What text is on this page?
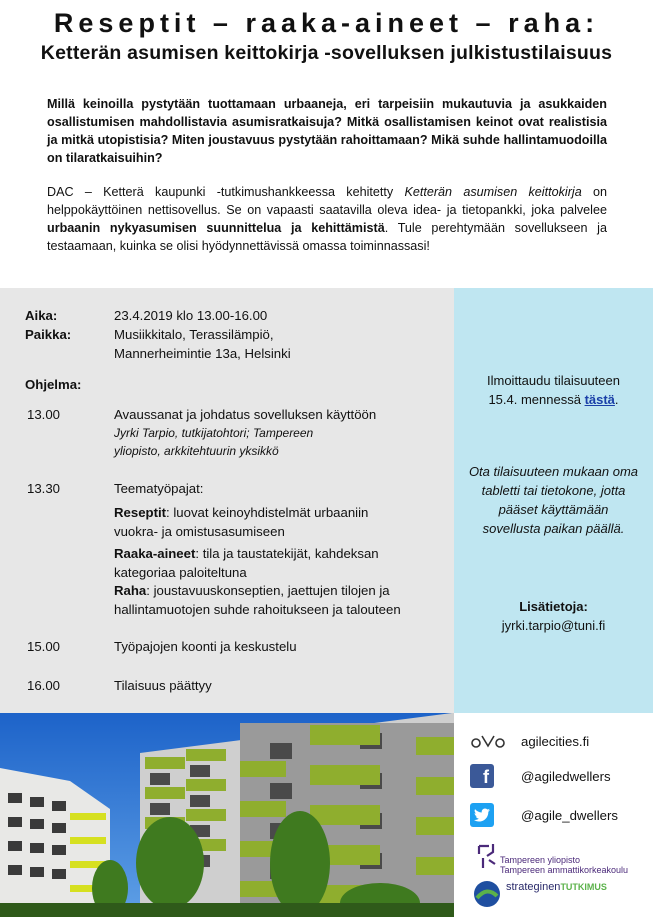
Reseptit – raaka-aineet – raha:
Ketterän asumisen keittokirja -sovelluksen julkistustilaisuus
Millä keinoilla pystytään tuottamaan urbaaneja, eri tarpeisiin mukautuvia ja asukkaiden osallistumisen mahdollistavia asumisratkaisuja? Mitkä osallistamisen keinot ovat realistisia ja mitkä utopistisia? Miten joustavuus pystytään rahoittamaan? Mikä suhde hallintamuodoilla on tilaratkaisuihin?
DAC – Ketterä kaupunki -tutkimushankkeessa kehitetty Ketterän asumisen keittokirja on helppokäyttöinen nettisovellus. Se on vapaasti saatavilla oleva idea- ja tietopankki, joka palvelee urbaanin nykyasumisen suunnittelua ja kehittämistä. Tule perehtymään sovellukseen ja testaamaan, kuinka se olisi hyödynnettävissä omassa toiminnassasi!
Aika:	23.4.2019 klo 13.00-16.00
Paikka:	Musiikkitalo, Terassilämpiö,
Mannerheimintie 13a, Helsinki
Ohjelma:
13.00	Avaussanat ja johdatus sovelluksen käyttöön
Jyrki Tarpio, tutkijatohtori; Tampereen
yliopisto, arkkitehtuurin yksikkö
13.30	Teematyöpajat:
Reseptit: luovat keinoyhdistelmät urbaaniin vuokra- ja omistusasumiseen
Raaka-aineet: tila ja taustatekijät, kahdeksan kategoriaa paloiteltuna
Raha: joustavuuskonseptien, jaettujen tilojen ja hallintamuotojen suhde rahoitukseen ja talouteen
15.00	Työpajojen koonti ja keskustelu
16.00	Tilaisuus päättyy
Ilmoittaudu tilaisuuteen
15.4. mennessä tästä.
Ota tilaisuuteen mukaan oma tabletti tai tietokone, jotta pääset käyttämään sovellusta paikan päällä.
Lisätietoja:
jyrki.tarpio@tuni.fi
agilecities.fi
f	@agiledwellers
@agile_dwellers
Tampereen yliopisto
Tampereen ammattikorkeakoulu
strateginenTUTKIMUS
